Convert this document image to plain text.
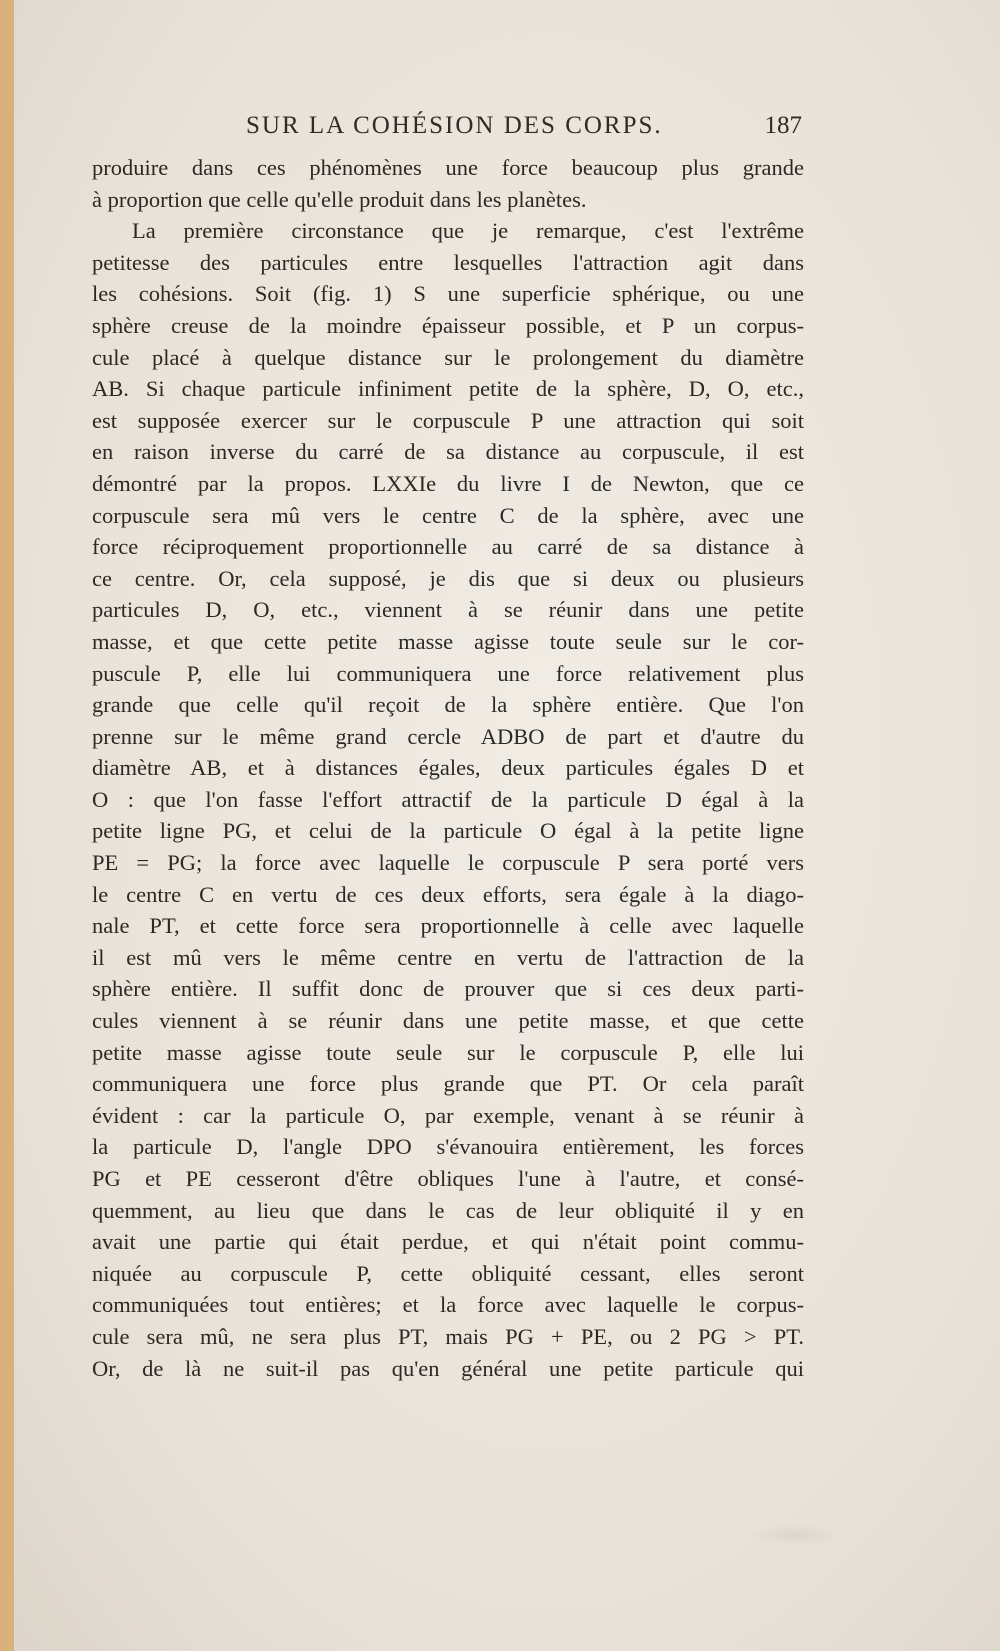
SUR LA COHÉSION DES CORPS.	187
produire dans ces phénomènes une force beaucoup plus grande
à proportion que celle qu'elle produit dans les planètes.
La première circonstance que je remarque, c'est l'extrême
petitesse des particules entre lesquelles l'attraction agit dans
les cohésions. Soit (fig. 1) S une superficie sphérique, ou une
sphère creuse de la moindre épaisseur possible, et P un corpus-
cule placé à quelque distance sur le prolongement du diamètre
AB. Si chaque particule infiniment petite de la sphère, D, O, etc.,
est supposée exercer sur le corpuscule P une attraction qui soit
en raison inverse du carré de sa distance au corpuscule, il est
démontré par la propos. LXXIe du livre I de Newton, que ce
corpuscule sera mû vers le centre C de la sphère, avec une
force réciproquement proportionnelle au carré de sa distance à
ce centre. Or, cela supposé, je dis que si deux ou plusieurs
particules D, O, etc., viennent à se réunir dans une petite
masse, et que cette petite masse agisse toute seule sur le cor-
puscule P, elle lui communiquera une force relativement plus
grande que celle qu'il reçoit de la sphère entière. Que l'on
prenne sur le même grand cercle ADBO de part et d'autre du
diamètre AB, et à distances égales, deux particules égales D et
O : que l'on fasse l'effort attractif de la particule D égal à la
petite ligne PG, et celui de la particule O égal à la petite ligne
PE = PG; la force avec laquelle le corpuscule P sera porté vers
le centre C en vertu de ces deux efforts, sera égale à la diago-
nale PT, et cette force sera proportionnelle à celle avec laquelle
il est mû vers le même centre en vertu de l'attraction de la
sphère entière. Il suffit donc de prouver que si ces deux parti-
cules viennent à se réunir dans une petite masse, et que cette
petite masse agisse toute seule sur le corpuscule P, elle lui
communiquera une force plus grande que PT. Or cela paraît
évident : car la particule O, par exemple, venant à se réunir à
la particule D, l'angle DPO s'évanouira entièrement, les forces
PG et PE cesseront d'être obliques l'une à l'autre, et consé-
quemment, au lieu que dans le cas de leur obliquité il y en
avait une partie qui était perdue, et qui n'était point commu-
niquée au corpuscule P, cette obliquité cessant, elles seront
communiquées tout entières; et la force avec laquelle le corpus-
cule sera mû, ne sera plus PT, mais PG + PE, ou 2 PG > PT.
Or, de là ne suit-il pas qu'en général une petite particule qui
